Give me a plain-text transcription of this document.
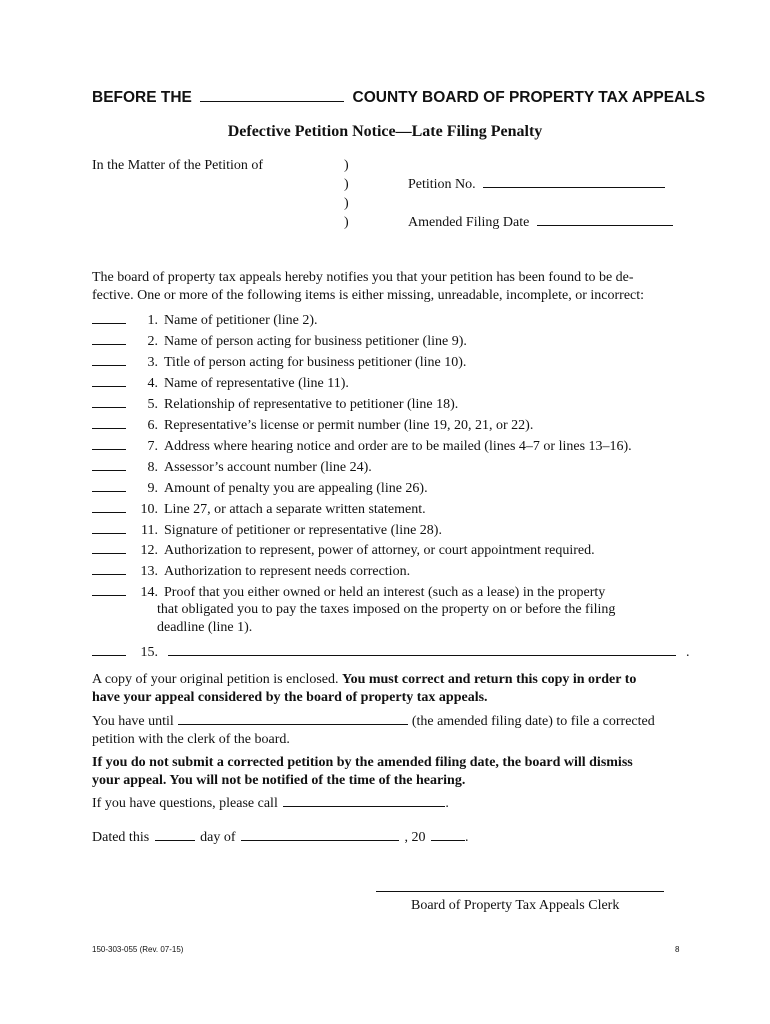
BEFORE THE	COUNTY BOARD OF PROPERTY TAX APPEALS
Defective Petition Notice—Late Filing Penalty
In the Matter of the Petition of	)
)
)
)
Petition No.
Amended Filing Date
The board of property tax appeals hereby notifies you that your petition has been found to be de-
fective. One or more of the following items is either missing, unreadable, incomplete, or incorrect:
1. Name of petitioner (line 2).
2. Name of person acting for business petitioner (line 9).
3. Title of person acting for business petitioner (line 10).
4. Name of representative (line 11).
5. Relationship of representative to petitioner (line 18).
6. Representative’s license or permit number (line 19, 20, 21, or 22).
7. Address where hearing notice and order are to be mailed (lines 4–7 or lines 13–16).
8. Assessor’s account number (line 24).
9. Amount of penalty you are appealing (line 26).
10. Line 27, or attach a separate written statement.
11. Signature of petitioner or representative (line 28).
12. Authorization to represent, power of attorney, or court appointment required.
13. Authorization to represent needs correction.
14. Proof that you either owned or held an interest (such as a lease) in the property
that obligated you to pay the taxes imposed on the property on or before the filing
deadline (line 1).
15.	.
A copy of your original petition is enclosed. You must correct and return this copy in order to
have your appeal considered by the board of property tax appeals.
You have until	(the amended filing date) to file a corrected
petition with the clerk of the board.
If you do not submit a corrected petition by the amended filing date, the board will dismiss
your appeal. You will not be notified of the time of the hearing.
If you have questions, please call	.
Dated this	day of	, 20	.
Board of Property Tax Appeals Clerk
150-303-055 (Rev. 07-15)	8
